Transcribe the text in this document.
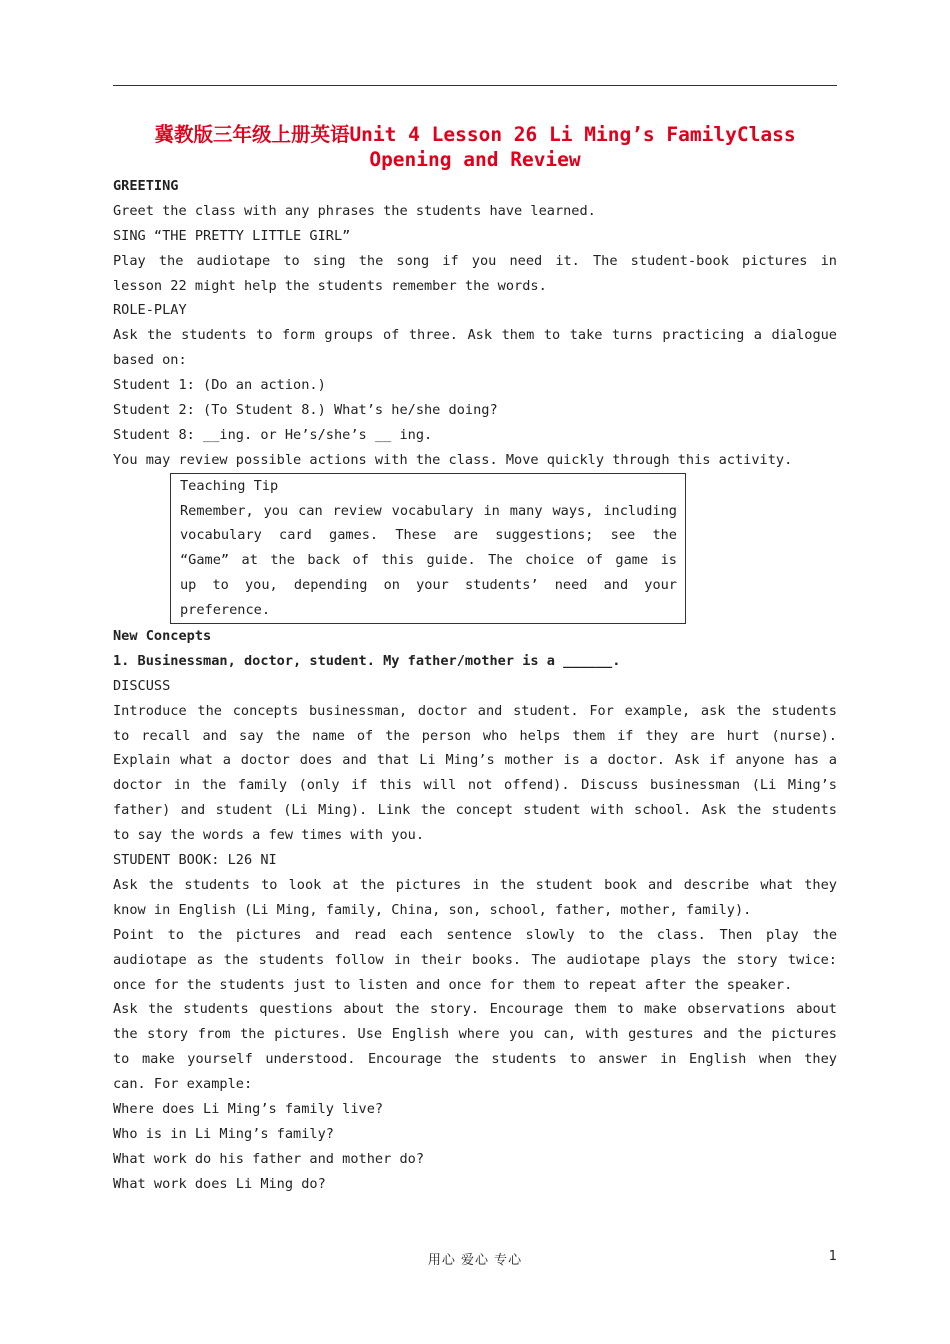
冀教版三年级上册英语Unit 4 Lesson 26 Li Ming’s FamilyClass
Opening and Review
GREETING
Greet the class with any phrases the students have learned.
SING “THE PRETTY LITTLE GIRL”
Play the audiotape to sing the song if you need it. The student-book pictures in
lesson 22 might help the students remember the words.
ROLE-PLAY
Ask the students to form groups of three. Ask them to take turns practicing a dialogue
based on:
Student 1: (Do an action.)
Student 2: (To Student 8.) What’s he/she doing?
Student 8: __ing. or He’s/she’s __ ing.
You may review possible actions with the class. Move quickly through this activity.
Teaching Tip
Remember, you can review vocabulary in many ways, including
vocabulary card games. These are suggestions; see the
“Game” at the back of this guide. The choice of game is
up to you, depending on your students’ need and your
preference.
New Concepts
1. Businessman, doctor, student. My father/mother is a ______.
DISCUSS
Introduce the concepts businessman, doctor and student. For example, ask the students
to recall and say the name of the person who helps them if they are hurt (nurse).
Explain what a doctor does and that Li Ming’s mother is a doctor. Ask if anyone has a
doctor in the family (only if this will not offend). Discuss businessman (Li Ming’s
father) and student (Li Ming). Link the concept student with school. Ask the students
to say the words a few times with you.
STUDENT BOOK: L26 NI
Ask the students to look at the pictures in the student book and describe what they
know in English (Li Ming, family, China, son, school, father, mother, family).
Point to the pictures and read each sentence slowly to the class. Then play the
audiotape as the students follow in their books. The audiotape plays the story twice:
once for the students just to listen and once for them to repeat after the speaker.
Ask the students questions about the story. Encourage them to make observations about
the story from the pictures. Use English where you can, with gestures and the pictures
to make yourself understood. Encourage the students to answer in English when they
can. For example:
Where does Li Ming’s family live?
Who is in Li Ming’s family?
What work do his father and mother do?
What work does Li Ming do?
用心 爱心 专心	1
